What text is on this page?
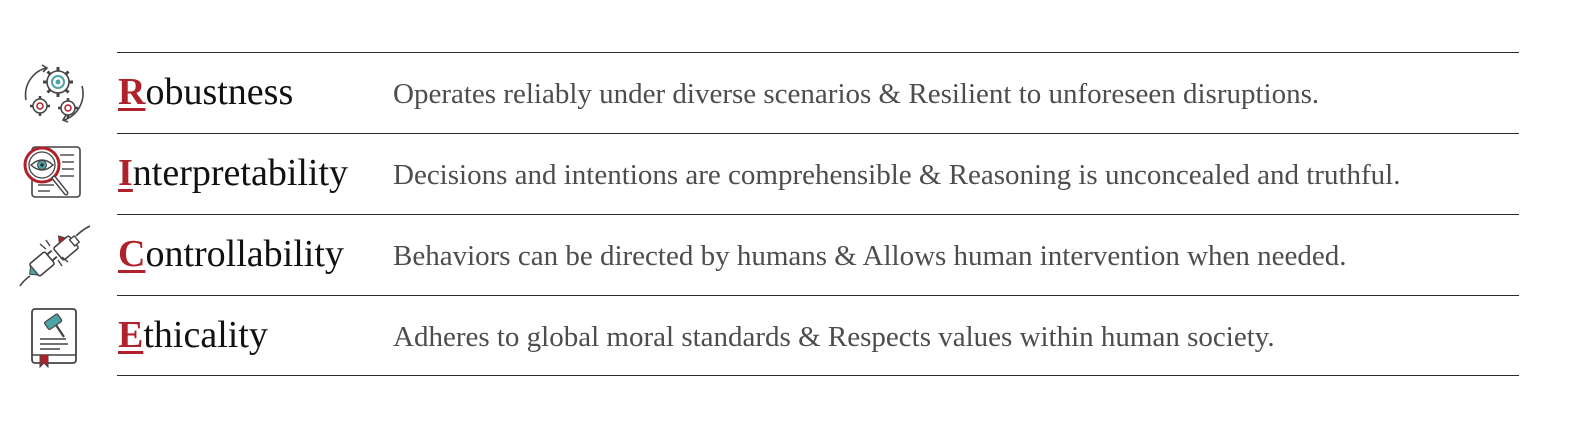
Robustness	Operates reliably under diverse scenarios & Resilient to unforeseen disruptions.
Interpretability Decisions and intentions are comprehensible & Reasoning is unconcealed and truthful.
Controllability Behaviors can be directed by humans & Allows human intervention when needed.
Ethicality	Adheres to global moral standards & Respects values within human society.
